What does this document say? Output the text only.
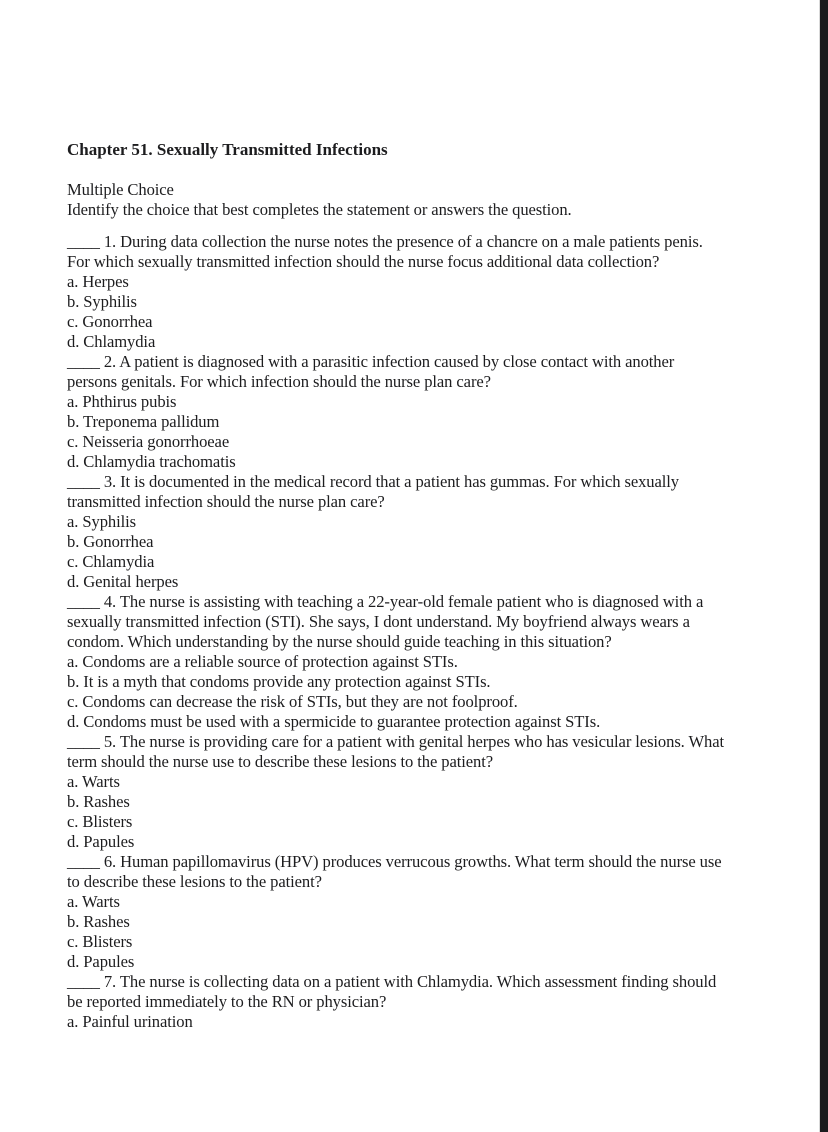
Chapter 51. Sexually Transmitted Infections
Multiple Choice
Identify the choice that best completes the statement or answers the question.
____ 1. During data collection the nurse notes the presence of a chancre on a male patients penis.
For which sexually transmitted infection should the nurse focus additional data collection?
a. Herpes
b. Syphilis
c. Gonorrhea
d. Chlamydia
____ 2. A patient is diagnosed with a parasitic infection caused by close contact with another
persons genitals. For which infection should the nurse plan care?
a. Phthirus pubis
b. Treponema pallidum
c. Neisseria gonorrhoeae
d. Chlamydia trachomatis
____ 3. It is documented in the medical record that a patient has gummas. For which sexually
transmitted infection should the nurse plan care?
a. Syphilis
b. Gonorrhea
c. Chlamydia
d. Genital herpes
____ 4. The nurse is assisting with teaching a 22-year-old female patient who is diagnosed with a
sexually transmitted infection (STI). She says, I dont understand. My boyfriend always wears a
condom. Which understanding by the nurse should guide teaching in this situation?
a. Condoms are a reliable source of protection against STIs.
b. It is a myth that condoms provide any protection against STIs.
c. Condoms can decrease the risk of STIs, but they are not foolproof.
d. Condoms must be used with a spermicide to guarantee protection against STIs.
____ 5. The nurse is providing care for a patient with genital herpes who has vesicular lesions. What
term should the nurse use to describe these lesions to the patient?
a. Warts
b. Rashes
c. Blisters
d. Papules
____ 6. Human papillomavirus (HPV) produces verrucous growths. What term should the nurse use
to describe these lesions to the patient?
a. Warts
b. Rashes
c. Blisters
d. Papules
____ 7. The nurse is collecting data on a patient with Chlamydia. Which assessment finding should
be reported immediately to the RN or physician?
a. Painful urination
